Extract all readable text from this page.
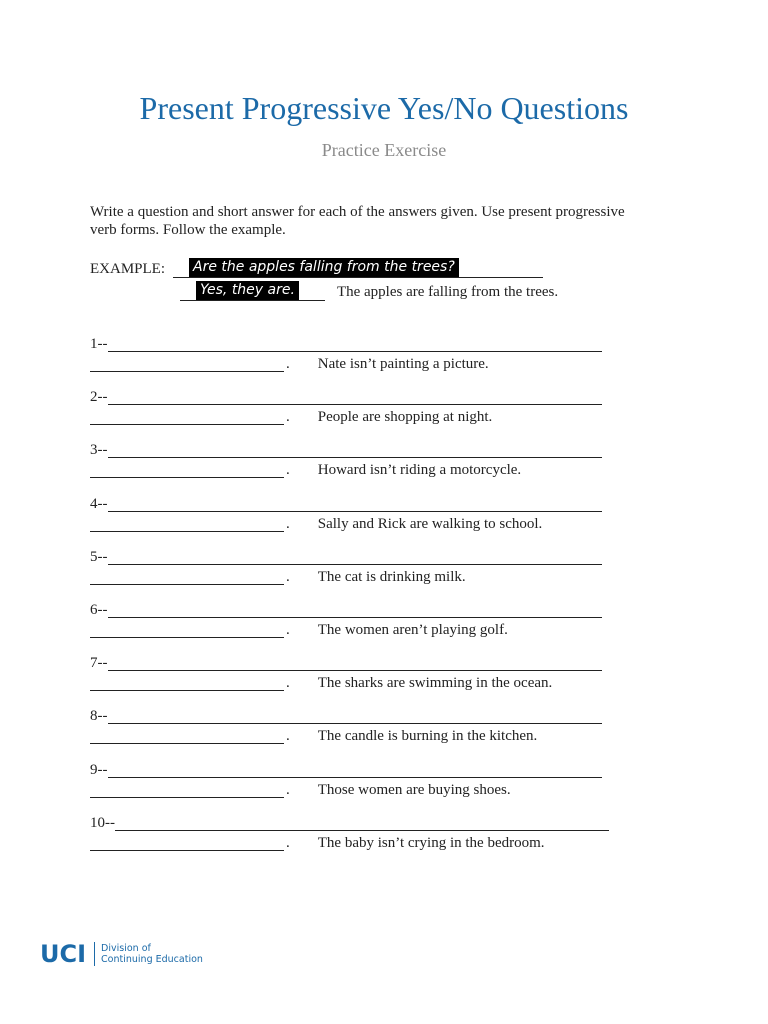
Present Progressive Yes/No Questions
Practice Exercise
Write a question and short answer for each of the answers given. Use present progressive verb forms. Follow the example.
EXAMPLE: Are the apples falling from the trees?
Yes, they are.	The apples are falling from the trees.
1--
. Nate isn’t painting a picture.
2--
. People are shopping at night.
3--
. Howard isn’t riding a motorcycle.
4--
. Sally and Rick are walking to school.
5--
. The cat is drinking milk.
6--
. The women aren’t playing golf.
7--
. The sharks are swimming in the ocean.
8--
. The candle is burning in the kitchen.
9--
. Those women are buying shoes.
10--
. The baby isn’t crying in the bedroom.
UCI	Division of
Continuing Education
